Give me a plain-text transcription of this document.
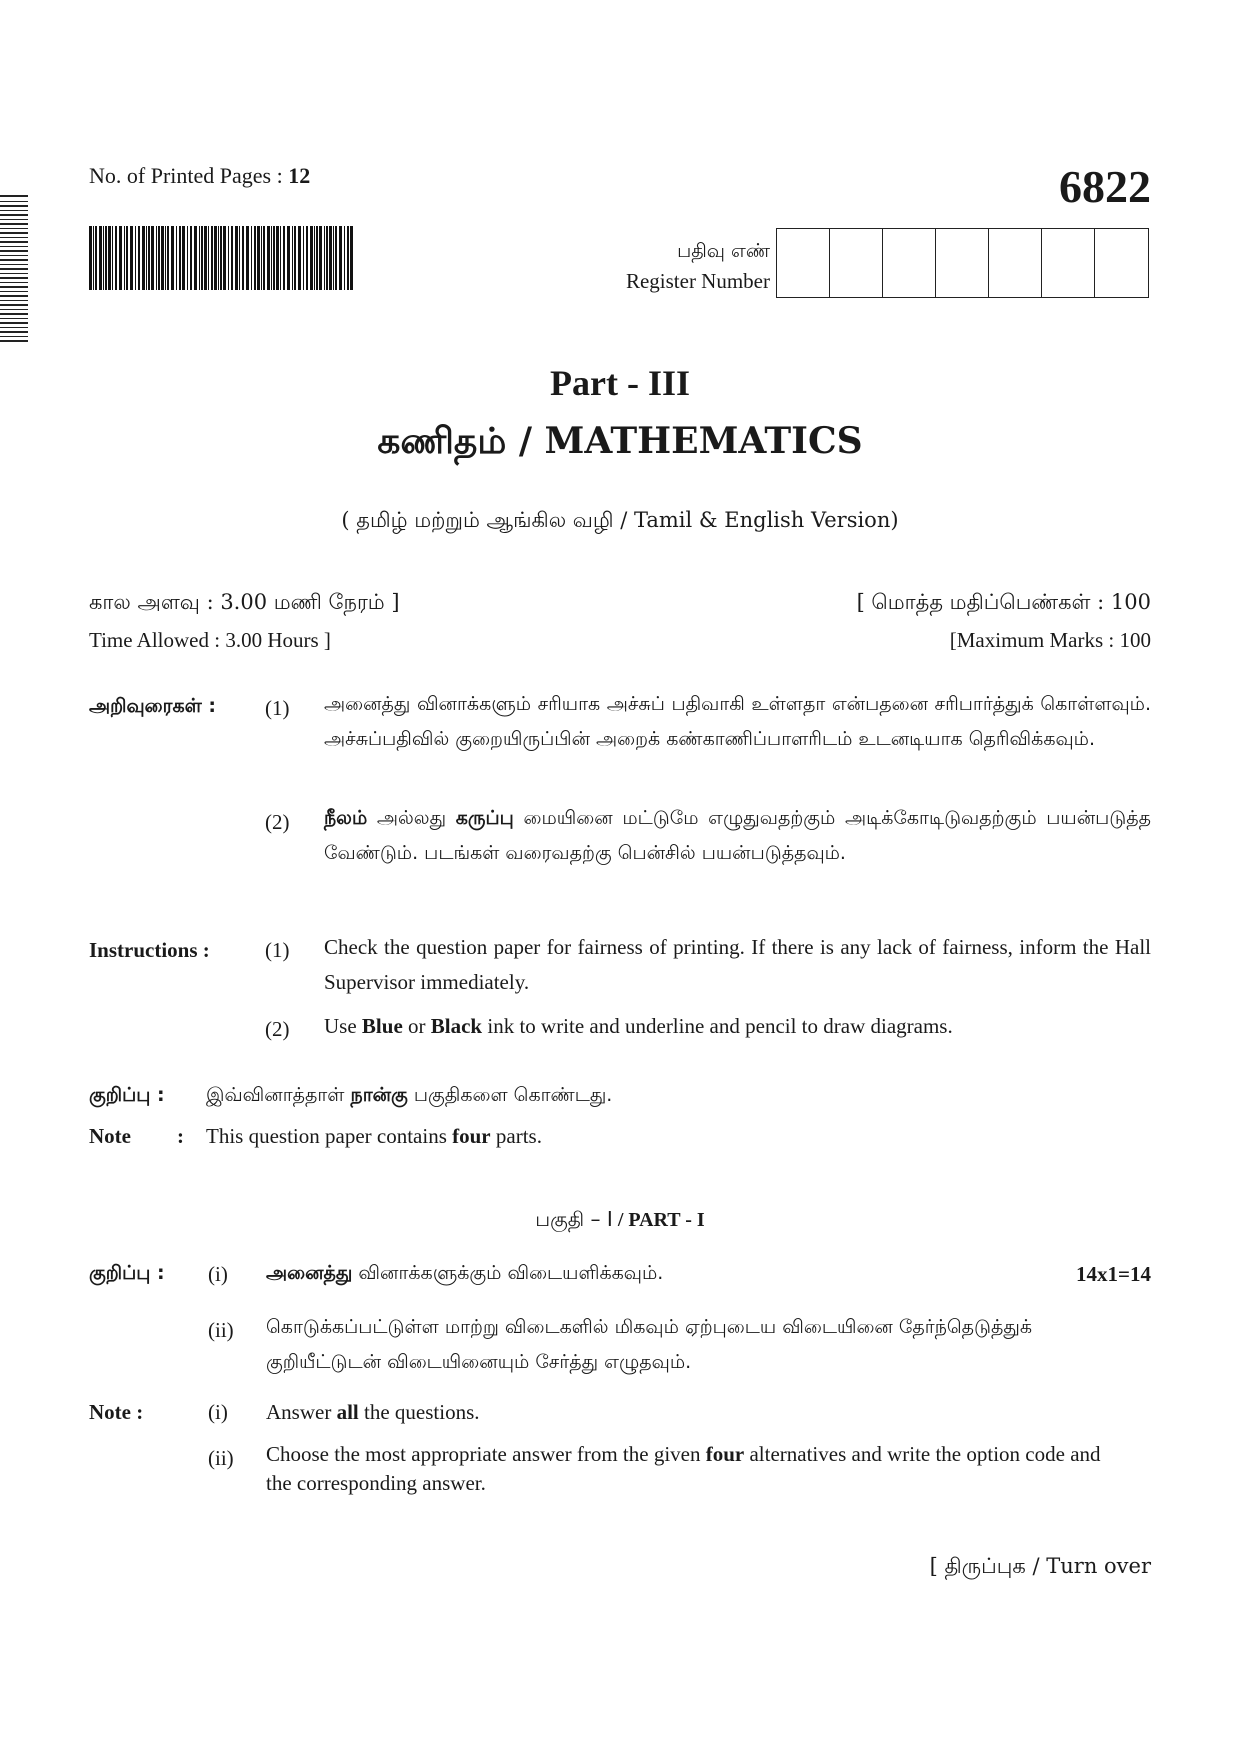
No. of Printed Pages : 12	6822
பதிவு எண்
Register Number
Part - III
கணிதம் / MATHEMATICS
( தமிழ் மற்றும் ஆங்கில வழி / Tamil & English Version)
கால அளவு : 3.00 மணி நேரம் ]	[ மொத்த மதிப்பெண்கள் : 100
Time Allowed : 3.00 Hours ]	[Maximum Marks : 100
அறிவுரைகள் : (1) அனைத்து வினாக்களும் சரியாக அச்சுப் பதிவாகி உள்ளதா என்பதனை சரிபார்த்துக் கொள்ளவும். அச்சுப்பதிவில் குறையிருப்பின் அறைக் கண்காணிப்பாளரிடம் உடனடியாக தெரிவிக்கவும்.
(2) நீலம் அல்லது கருப்பு மையினை மட்டுமே எழுதுவதற்கும் அடிக்கோடிடுவதற்கும் பயன்படுத்த வேண்டும். படங்கள் வரைவதற்கு பென்சில் பயன்படுத்தவும்.
Instructions :	(1) Check the question paper for fairness of printing. If there is any lack of fairness, inform the Hall Supervisor immediately.
(2) Use Blue or Black ink to write and underline and pencil to draw diagrams.
குறிப்பு : இவ்வினாத்தாள் நான்கு பகுதிகளை கொண்டது.
Note : This question paper contains four parts.
பகுதி – I / PART - I
குறிப்பு : (i) அனைத்து வினாக்களுக்கும் விடையளிக்கவும்.	14x1=14
(ii) கொடுக்கப்பட்டுள்ள மாற்று விடைகளில் மிகவும் ஏற்புடைய விடையினை தேர்ந்தெடுத்துக் குறியீட்டுடன் விடையினையும் சேர்த்து எழுதவும்.
Note :	(i) Answer all the questions.
(ii) Choose the most appropriate answer from the given four alternatives and write the option code and the corresponding answer.
[ திருப்புக / Turn over
